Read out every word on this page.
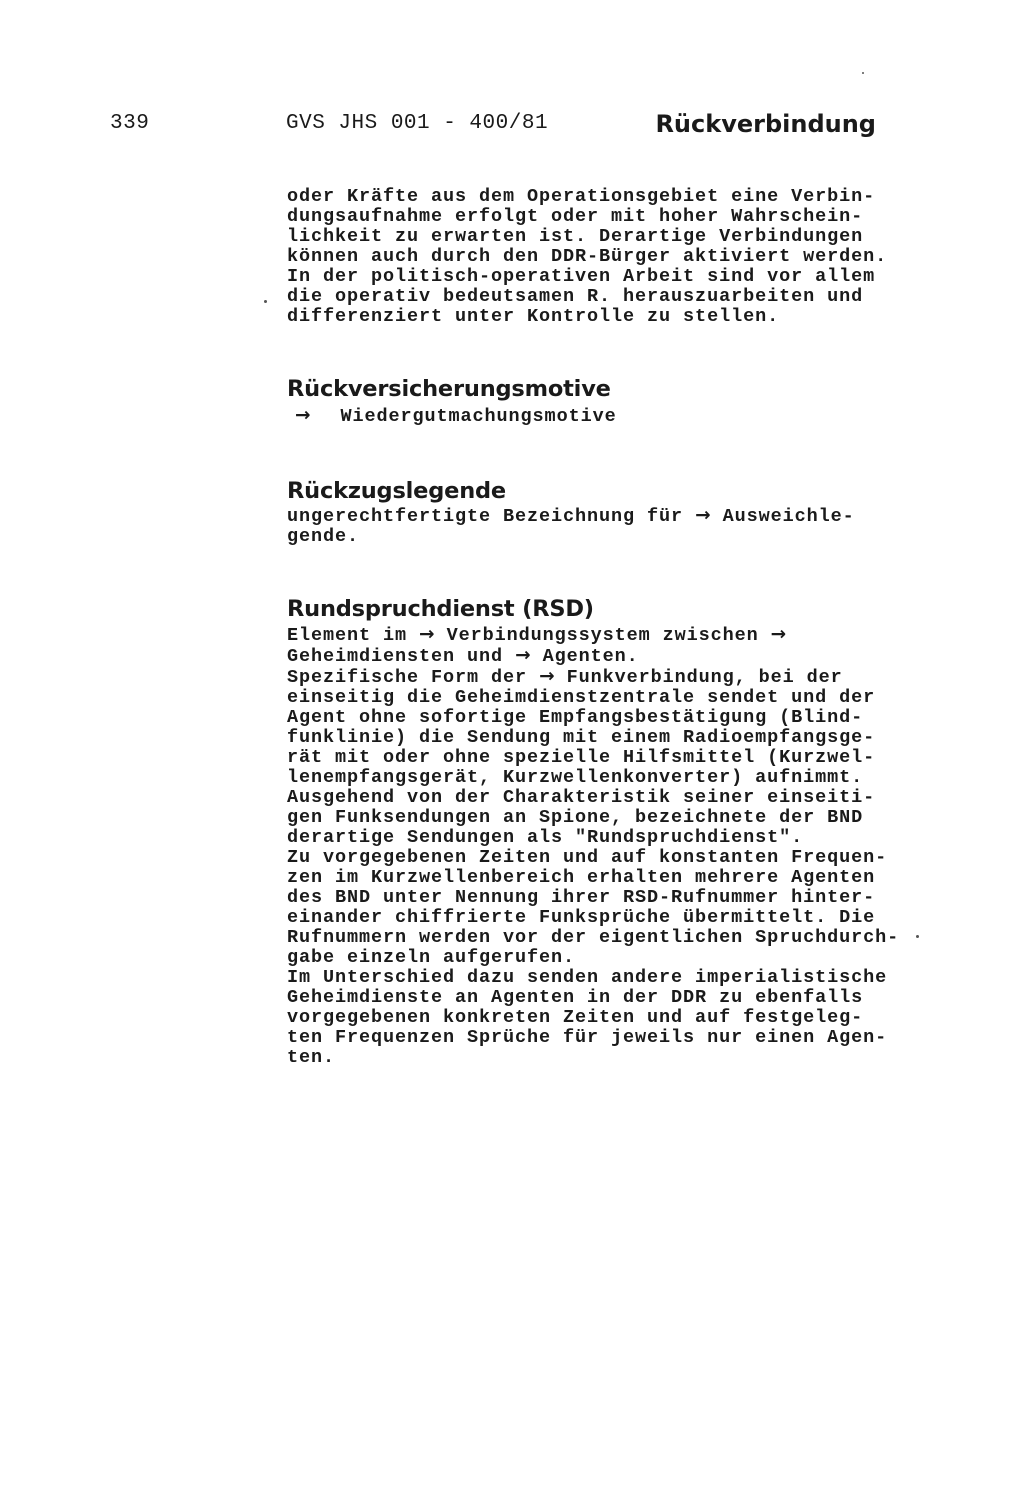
339	GVS JHS 001 - 400/81	Rückverbindung
oder Kräfte aus dem Operationsgebiet eine Verbin-
dungsaufnahme erfolgt oder mit hoher Wahrschein-
lichkeit zu erwarten ist. Derartige Verbindungen
können auch durch den DDR-Bürger aktiviert werden.
In der politisch-operativen Arbeit sind vor allem
die operativ bedeutsamen R. herauszuarbeiten und
differenziert unter Kontrolle zu stellen.
Rückversicherungsmotive
→ Wiedergutmachungsmotive
Rückzugslegende
ungerechtfertigte Bezeichnung für → Ausweichle-
gende.
Rundspruchdienst (RSD)
Element im → Verbindungssystem zwischen →
Geheimdiensten und → Agenten.
Spezifische Form der → Funkverbindung, bei der
einseitig die Geheimdienstzentrale sendet und der
Agent ohne sofortige Empfangsbestätigung (Blind-
funklinie) die Sendung mit einem Radioempfangsge-
rät mit oder ohne spezielle Hilfsmittel (Kurzwel-
lenempfangsgerät, Kurzwellenkonverter) aufnimmt.
Ausgehend von der Charakteristik seiner einseiti-
gen Funksendungen an Spione, bezeichnete der BND
derartige Sendungen als "Rundspruchdienst".
Zu vorgegebenen Zeiten und auf konstanten Frequen-
zen im Kurzwellenbereich erhalten mehrere Agenten
des BND unter Nennung ihrer RSD-Rufnummer hinter-
einander chiffrierte Funksprüche übermittelt. Die
Rufnummern werden vor der eigentlichen Spruchdurch-
gabe einzeln aufgerufen.
Im Unterschied dazu senden andere imperialistische
Geheimdienste an Agenten in der DDR zu ebenfalls
vorgegebenen konkreten Zeiten und auf festgeleg-
ten Frequenzen Sprüche für jeweils nur einen Agen-
ten.
